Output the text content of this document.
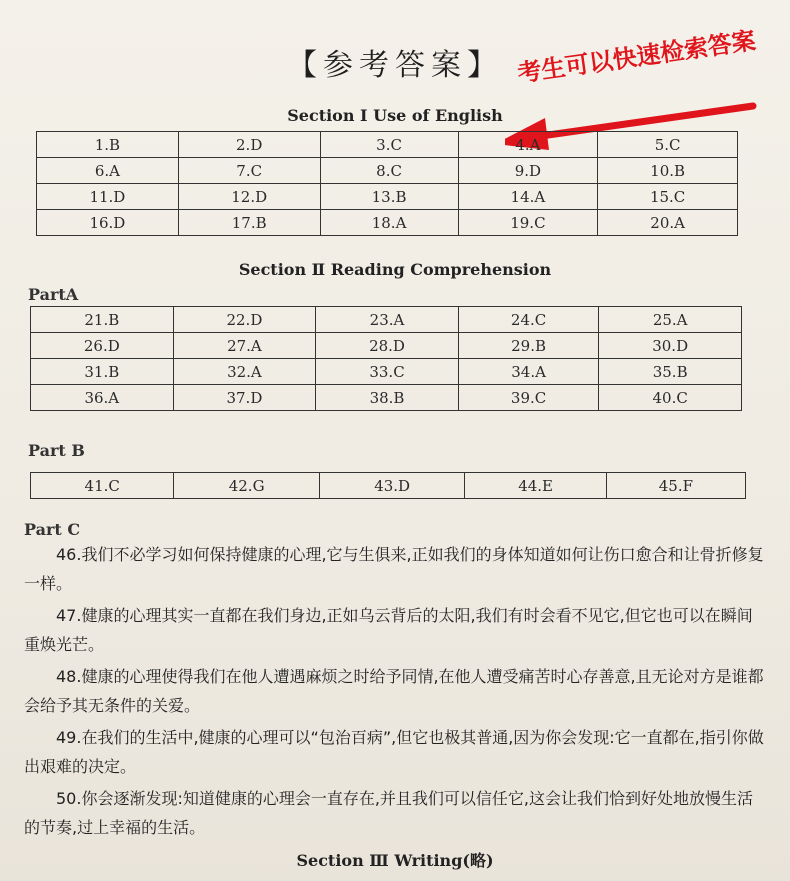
【参考答案】 考生可以快速检索答案
Section Ⅰ Use of English
1.B	2.D	3.C	4.A	5.C
6.A	7.C	8.C	9.D	10.B
11.D	12.D	13.B	14.A	15.C
16.D	17.B	18.A	19.C	20.A
Section Ⅱ Reading Comprehension
PartA
21.B	22.D	23.A	24.C	25.A
26.D	27.A	28.D	29.B	30.D
31.B	32.A	33.C	34.A	35.B
36.A	37.D	38.B	39.C	40.C
Part B
41.C	42.G	43.D	44.E	45.F
Part C

46.我们不必学习如何保持健康的心理,它与生俱来,正如我们的身体知道如何让伤口愈合和让骨折修复一样。

47.健康的心理其实一直都在我们身边,正如乌云背后的太阳,我们有时会看不见它,但它也可以在瞬间重焕光芒。

48.健康的心理使得我们在他人遭遇麻烦之时给予同情,在他人遭受痛苦时心存善意,且无论对方是谁都会给予其无条件的关爱。

49.在我们的生活中,健康的心理可以“包治百病”,但它也极其普通,因为你会发现:它一直都在,指引你做出艰难的决定。

50.你会逐渐发现:知道健康的心理会一直存在,并且我们可以信任它,这会让我们恰到好处地放慢生活的节奏,过上幸福的生活。

Section Ⅲ Writing(略)
